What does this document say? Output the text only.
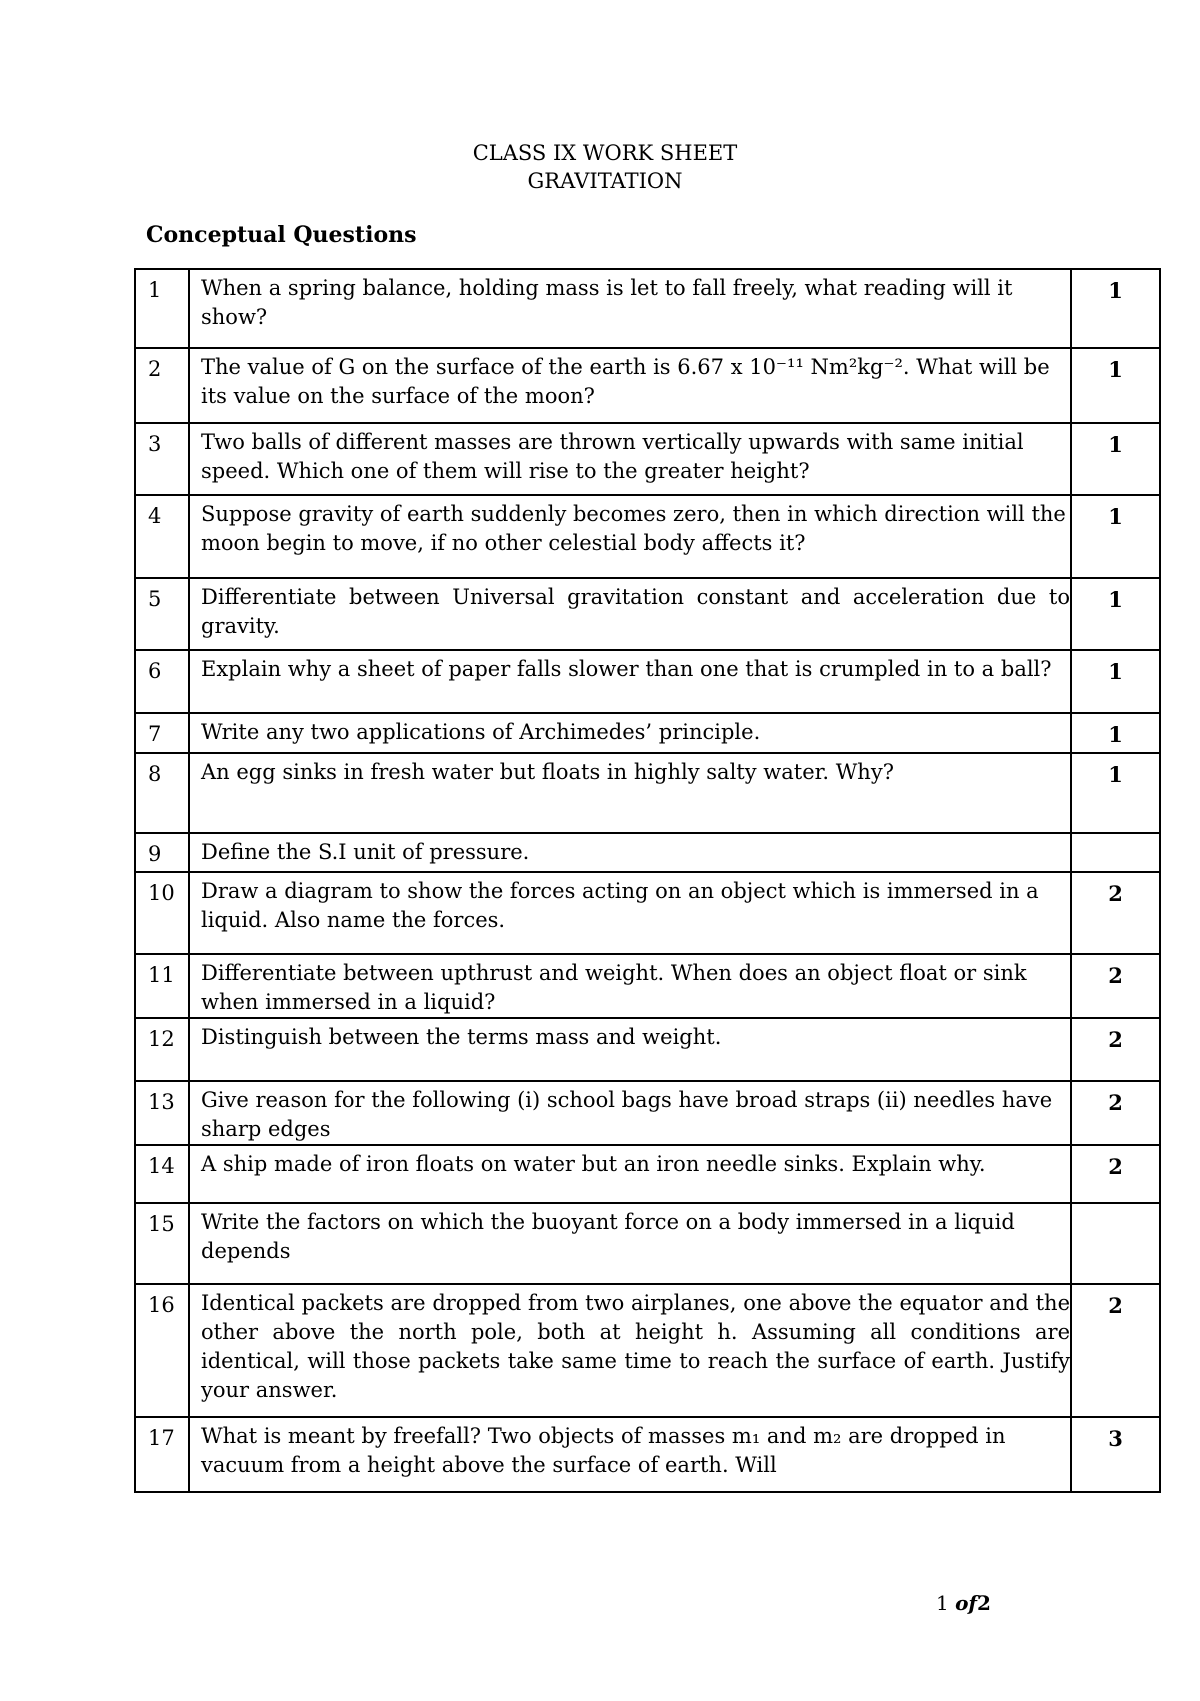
CLASS IX WORK SHEET
GRAVITATION
Conceptual Questions
1	When a spring balance, holding mass is let to fall freely, what reading will it show?	1
2	The value of G on the surface of the earth is 6.67 x 10⁻¹¹ Nm²kg⁻². What will be its value on the surface of the moon?	1
3	Two balls of different masses are thrown vertically upwards with same initial speed. Which one of them will rise to the greater height?	1
4	Suppose gravity of earth suddenly becomes zero, then in which direction will the moon begin to move, if no other celestial body affects it?	1
5	Differentiate between Universal gravitation constant and acceleration due to gravity.	1
6	Explain why a sheet of paper falls slower than one that is crumpled in to a ball?	1
7	Write any two applications of Archimedes’ principle.	1
8	An egg sinks in fresh water but floats in highly salty water. Why?	1
9	Define the S.I unit of pressure.	
10	Draw a diagram to show the forces acting on an object which is immersed in a liquid. Also name the forces.	2
11	Differentiate between upthrust and weight. When does an object float or sink when immersed in a liquid?	2
12	Distinguish between the terms mass and weight.	2
13	Give reason for the following (i) school bags have broad straps (ii) needles have sharp edges	2
14	A ship made of iron floats on water but an iron needle sinks. Explain why.	2
15	Write the factors on which the buoyant force on a body immersed in a liquid depends	
16	Identical packets are dropped from two airplanes, one above the equator and the other above the north pole, both at height h. Assuming all conditions are identical, will those packets take same time to reach the surface of earth. Justify your answer.	2
17	What is meant by freefall? Two objects of masses m₁ and m₂ are dropped in vacuum from a height above the surface of earth. Will	3
1 of2
